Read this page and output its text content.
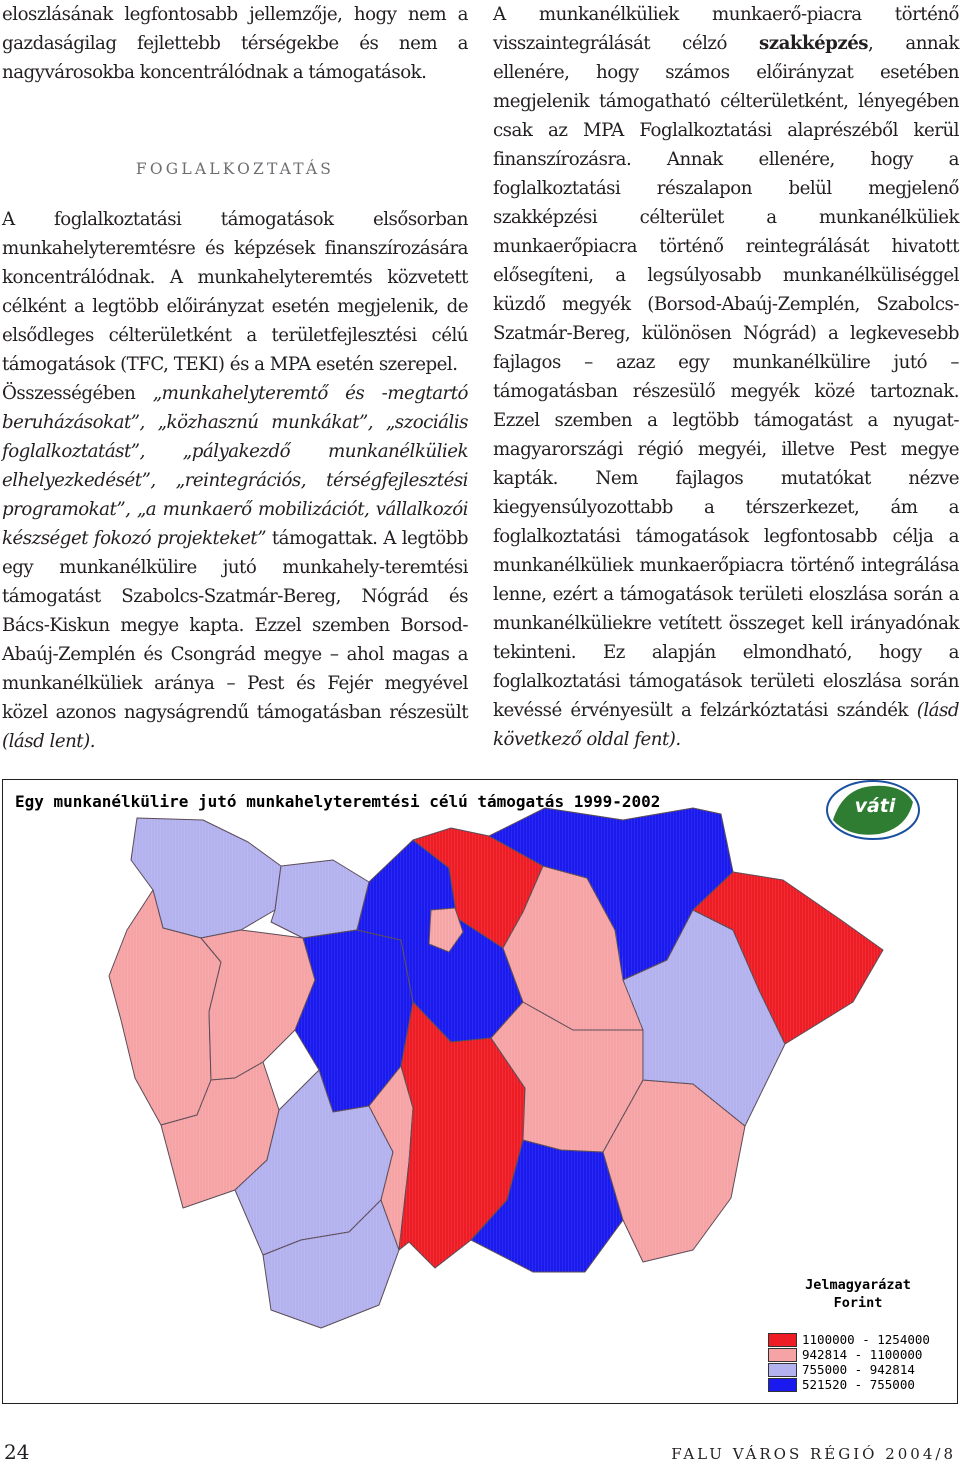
eloszlásának legfontosabb jellemzője, hogy nem a gazdaságilag fejlettebb térségekbe és nem a nagyvárosokba koncentrálódnak a támogatások.

FOGLALKOZTATÁS

A foglalkoztatási támogatások elsősorban munkahelyteremtésre és képzések finanszírozására koncentrálódnak. A munkahelyteremtés közvetett célként a legtöbb előirányzat esetén megjelenik, de elsődleges célterületként a területfejlesztési célú támogatások (TFC, TEKI) és a MPA esetén szerepel.

Összességében „munkahelyteremtő és -megtartó beruházásokat”, „közhasznú munkákat”, „szociális foglalkoztatást”, „pályakezdő munkanélküliek elhelyezkedését”, „reintegrációs, térségfejlesztési programokat”, „a munkaerő mobilizációt, vállalkozói készséget fokozó projekteket” támogattak. A legtöbb egy munkanélkülire jutó munkahely-teremtési támogatást Szabolcs-Szatmár-Bereg, Nógrád és Bács-Kiskun megye kapta. Ezzel szemben Borsod-Abaúj-Zemplén és Csongrád megye – ahol magas a munkanélküliek aránya – Pest és Fejér megyével közel azonos nagyságrendű támogatásban részesült (lásd lent).

A munkanélküliek munkaerő-piacra történő visszaintegrálását célzó szakképzés, annak ellenére, hogy számos előirányzat esetében megjelenik támogatható célterületként, lényegében csak az MPA Foglalkoztatási alaprészéből kerül finanszírozásra. Annak ellenére, hogy a foglalkoztatási részalapon belül megjelenő szakképzési célterület a munkanélküliek munkaerőpiacra történő reintegrálását hivatott elősegíteni, a legsúlyosabb munkanélküliséggel küzdő megyék (Borsod-Abaúj-Zemplén, Szabolcs-Szatmár-Bereg, különösen Nógrád) a legkevesebb fajlagos – azaz egy munkanélkülire jutó – támogatásban részesülő megyék közé tartoznak. Ezzel szemben a legtöbb támogatást a nyugat-magyarországi régió megyéi, illetve Pest megye kapták. Nem fajlagos mutatókat nézve kiegyensúlyozottabb a térszerkezet, ám a foglalkoztatási támogatások legfontosabb célja a munkanélküliek munkaerőpiacra történő integrálása lenne, ezért a támogatások területi eloszlása során a munkanélküliekre vetített összeget kell irányadónak tekinteni. Ez alapján elmondható, hogy a foglalkoztatási támogatások területi eloszlása során kevéssé érvényesült a felzárkóztatási szándék (lásd következő oldal fent).

váti
Egy munkanélkülire jutó munkahelyteremtési célú támogatás 1999-2002
Jelmagyarázat
Forint
1100000 - 1254000
942814 - 1100000
755000 - 942814
521520 - 755000
24	FALU VÁROS RÉGIÓ 2004/8
